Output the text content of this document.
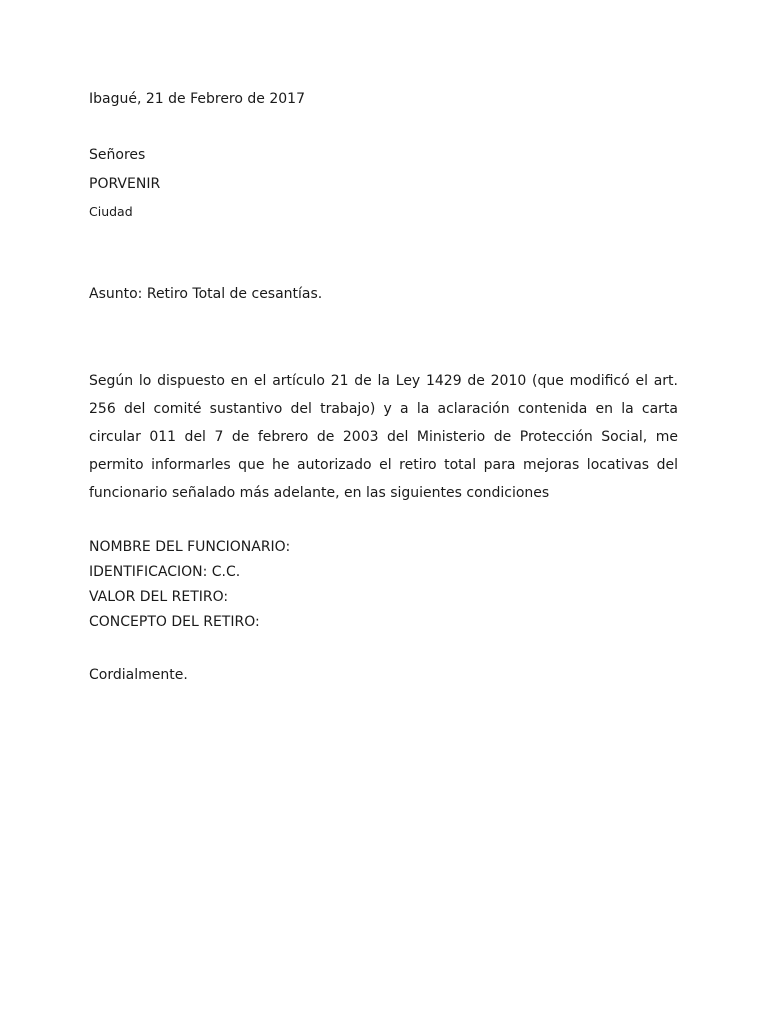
Ibagué, 21 de Febrero de 2017
Señores
PORVENIR
Ciudad
Asunto: Retiro Total de cesantías.
Según lo dispuesto en el artículo 21 de la Ley 1429 de 2010 (que modificó el art.
256 del comité sustantivo del trabajo) y a la aclaración contenida en la carta
circular 011 del 7 de febrero de 2003 del Ministerio de Protección Social, me
permito informarles que he autorizado el retiro total para mejoras locativas del
funcionario señalado más adelante, en las siguientes condiciones
NOMBRE DEL FUNCIONARIO:
IDENTIFICACION: C.C.
VALOR DEL RETIRO:
CONCEPTO DEL RETIRO:
Cordialmente.
